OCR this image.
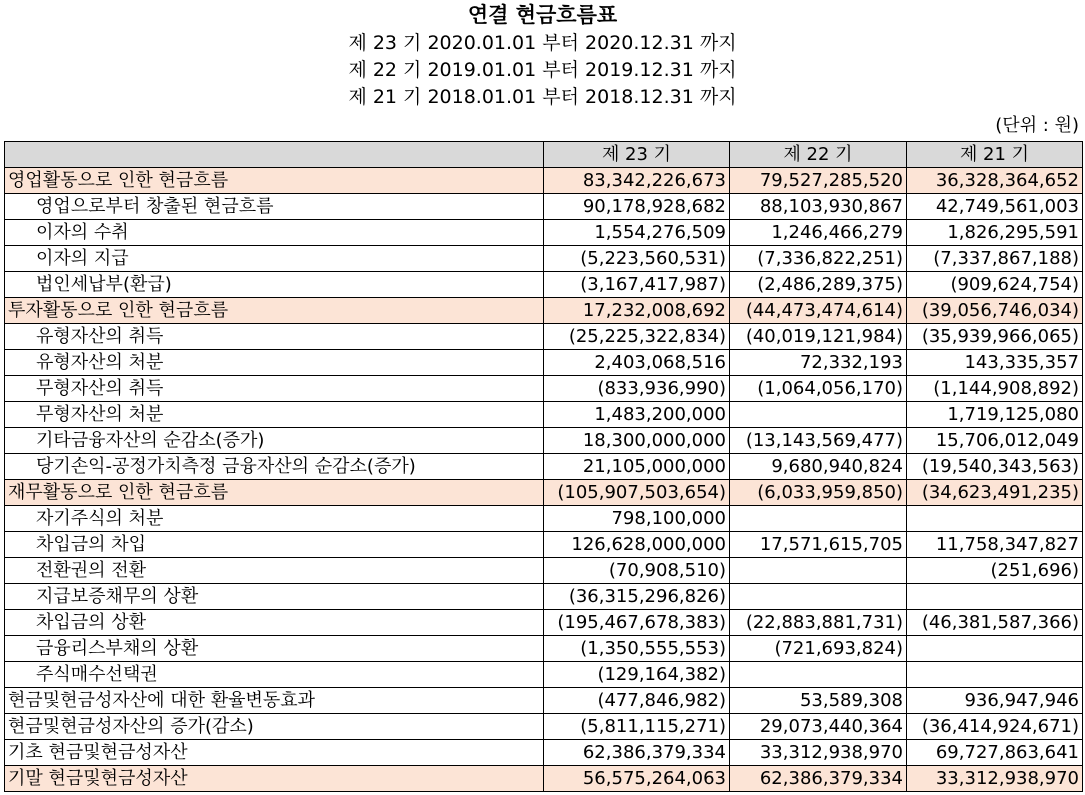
연결 현금흐름표
제 23 기 2020.01.01 부터 2020.12.31 까지
제 22 기 2019.01.01 부터 2019.12.31 까지
제 21 기 2018.01.01 부터 2018.12.31 까지
(단위 : 원)
	제 23 기	제 22 기	제 21 기
영업활동으로 인한 현금흐름	83,342,226,673	79,527,285,520	36,328,364,652
영업으로부터 창출된 현금흐름	90,178,928,682	88,103,930,867	42,749,561,003
이자의 수취	1,554,276,509	1,246,466,279	1,826,295,591
이자의 지급	(5,223,560,531)	(7,336,822,251)	(7,337,867,188)
법인세납부(환급)	(3,167,417,987)	(2,486,289,375)	(909,624,754)
투자활동으로 인한 현금흐름	17,232,008,692	(44,473,474,614)	(39,056,746,034)
유형자산의 취득	(25,225,322,834)	(40,019,121,984)	(35,939,966,065)
유형자산의 처분	2,403,068,516	72,332,193	143,335,357
무형자산의 취득	(833,936,990)	(1,064,056,170)	(1,144,908,892)
무형자산의 처분	1,483,200,000		1,719,125,080
기타금융자산의 순감소(증가)	18,300,000,000	(13,143,569,477)	15,706,012,049
당기손익-공정가치측정 금융자산의 순감소(증가)	21,105,000,000	9,680,940,824	(19,540,343,563)
재무활동으로 인한 현금흐름	(105,907,503,654)	(6,033,959,850)	(34,623,491,235)
자기주식의 처분	798,100,000		
차입금의 차입	126,628,000,000	17,571,615,705	11,758,347,827
전환권의 전환	(70,908,510)		(251,696)
지급보증채무의 상환	(36,315,296,826)		
차입금의 상환	(195,467,678,383)	(22,883,881,731)	(46,381,587,366)
금융리스부채의 상환	(1,350,555,553)	(721,693,824)	
주식매수선택권	(129,164,382)		
현금및현금성자산에 대한 환율변동효과	(477,846,982)	53,589,308	936,947,946
현금및현금성자산의 증가(감소)	(5,811,115,271)	29,073,440,364	(36,414,924,671)
기초 현금및현금성자산	62,386,379,334	33,312,938,970	69,727,863,641
기말 현금및현금성자산	56,575,264,063	62,386,379,334	33,312,938,970
